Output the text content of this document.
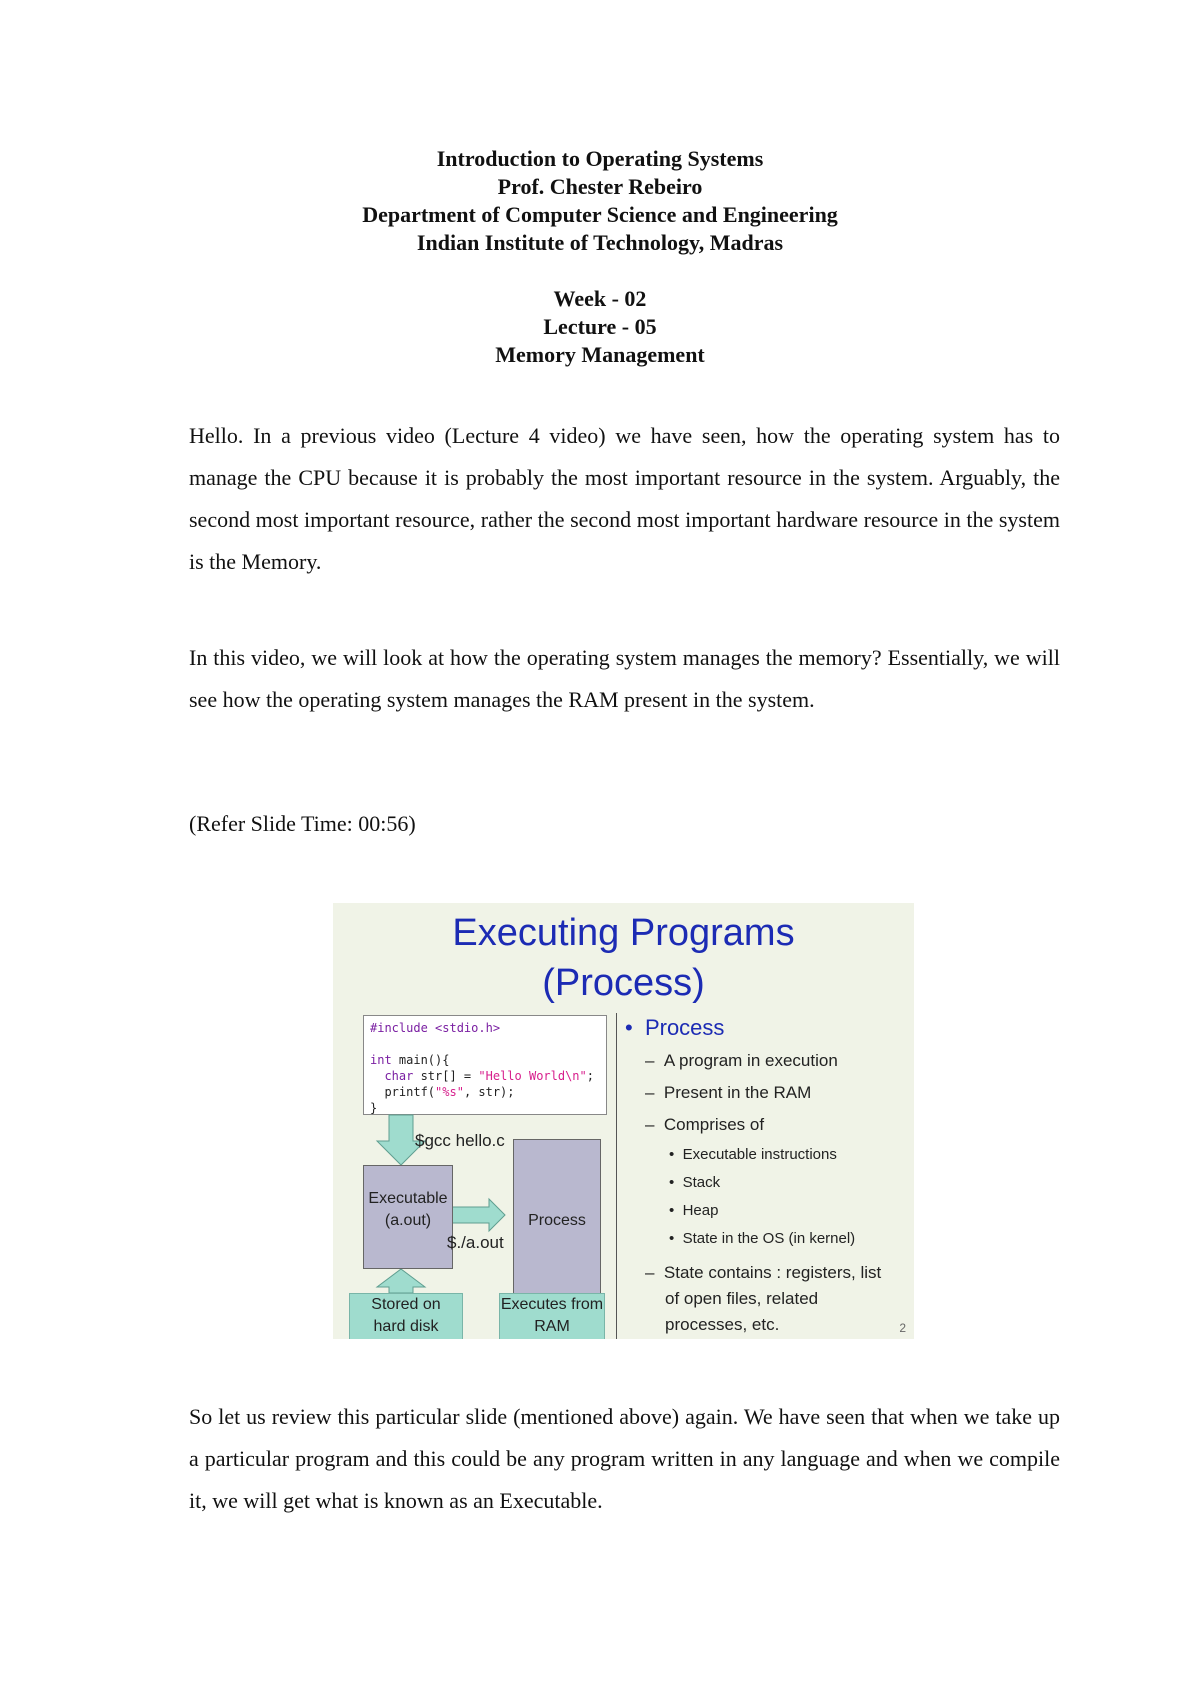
Introduction to Operating Systems
Prof. Chester Rebeiro
Department of Computer Science and Engineering
Indian Institute of Technology, Madras
Week - 02
Lecture - 05
Memory Management
Hello. In a previous video (Lecture 4 video) we have seen, how the operating system has to manage the CPU because it is probably the most important resource in the system. Arguably, the second most important resource, rather the second most important hardware resource in the system is the Memory.
In this video, we will look at how the operating system manages the memory? Essentially, we will see how the operating system manages the RAM present in the system.
(Refer Slide Time: 00:56)
Executing Programs
(Process)
#include <stdio.h>
int main(){
char str[] = "Hello World\n";
printf("%s", str);
}
$gcc hello.c
Executable
(a.out)
$./a.out
Process
Stored on
hard disk
Executes from
RAM
•  Process
–  A program in execution
–  Present in the RAM
–  Comprises of
•  Executable instructions
•  Stack
•  Heap
•  State in the OS (in kernel)
–  State contains : registers, list
of open files, related
processes, etc.	2
So let us review this particular slide (mentioned above) again. We have seen that when we take up a particular program and this could be any program written in any language and when we compile it, we will get what is known as an Executable.
